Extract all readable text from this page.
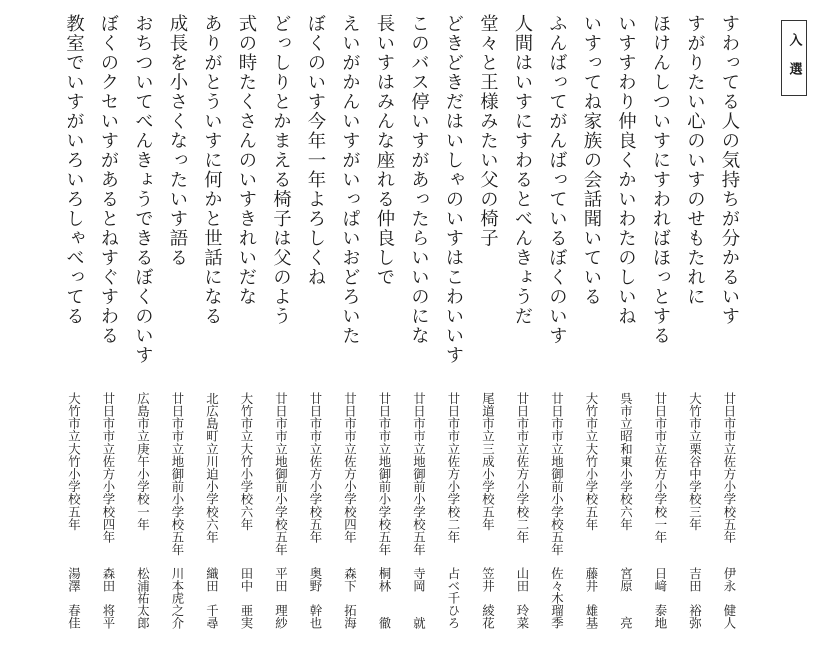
入選
すわってる人の気持ちが分かるいす
廿日市市立佐方小学校五年
伊永　健人
すがりたい心のいすのせもたれに
大竹市立栗谷中学校三年
吉田　裕弥
ほけんしついすにすわればほっとする
廿日市市立佐方小学校一年
日﨑　泰地
いすすわり仲良くかいわたのしいね
呉市立昭和東小学校六年
宮原　　亮
いすってね家族の会話聞いている
大竹市立大竹小学校五年
藤井　雄基
ふんばってがんばっているぼくのいす
廿日市市立地御前小学校五年
佐々木瑠季
人間はいすにすわるとべんきょうだ
廿日市市立佐方小学校二年
山田　玲菜
堂々と王様みたい父の椅子
尾道市立三成小学校五年
笠井　綾花
どきどきだはいしゃのいすはこわいいす
廿日市市立佐方小学校二年
占ベ千ひろ
このバス停いすがあったらいいのにな
廿日市市立地御前小学校五年
寺岡　　就
長いすはみんな座れる仲良しで
廿日市市立地御前小学校五年
桐林　　徹
えいがかんいすがいっぱいおどろいた
廿日市市立佐方小学校四年
森下　拓海
ぼくのいす今年一年よろしくね
廿日市市立佐方小学校五年
奥野　幹也
どっしりとかまえる椅子は父のよう
廿日市市立地御前小学校五年
平田　理紗
式の時たくさんのいすきれいだな
大竹市立大竹小学校六年
田中　亜実
ありがとういすに何かと世話になる
北広島町立川迫小学校六年
織田　千尋
成長を小さくなったいす語る
廿日市市立地御前小学校五年
川本虎之介
おちついてべんきょうできるぼくのいす
広島市立庚午小学校一年
松浦祐太郎
ぼくのクセいすがあるとねすぐすわる
廿日市市立佐方小学校四年
森田　将平
教室でいすがいろいろしゃべってる
大竹市立大竹小学校五年
湯澤　春佳
